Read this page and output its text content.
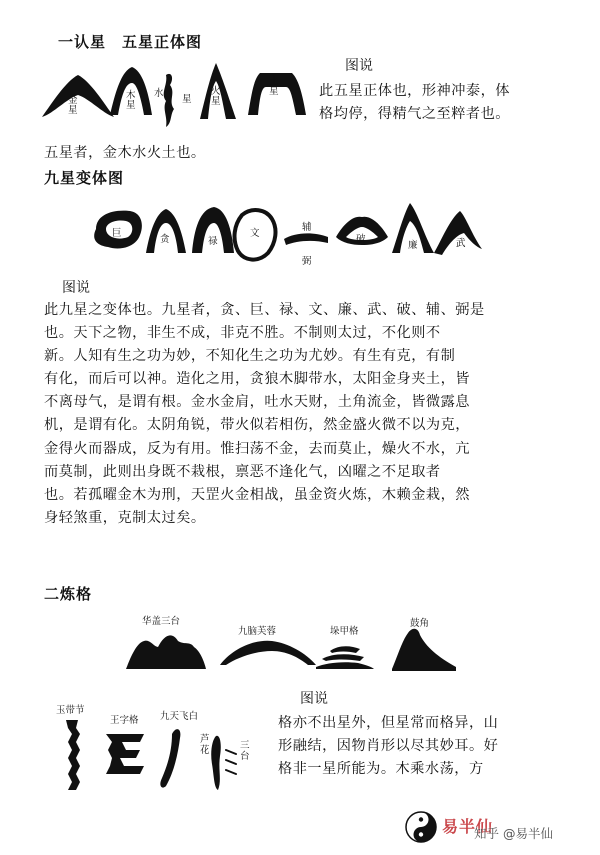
一认星　五星正体图
金星
木星
水
星
火星
土星
图说
此五星正体也，形神冲泰，体
格均停，得精气之至粹者也。
五星者，金木水火土也。
九星变体图
巨
贪	禄
文
辅
弼
破
廉	武
图说
此九星之变体也。九星者，贪、巨、禄、文、廉、武、破、辅、弼是
也。天下之物，非生不成，非克不胜。不制则太过，不化则不
新。人知有生之功为妙，不知化生之功为尤妙。有生有克，有制
有化，而后可以神。造化之用，贪狼木脚带水，太阳金身夹土，皆
不离母气，是谓有根。金水金肩，吐水天财，土角流金，皆微露息
机，是谓有化。太阴角锐，带火似若相伤，然金盛火微不以为克，
金得火而器成，反为有用。惟扫荡不金，去而莫止，燥火不水，亢
而莫制，此则出身既不栽根，禀恶不逢化气，凶曜之不足取者
也。若孤曜金木为刑，天罡火金相战，虽金资火炼，木赖金栽，然
身轻煞重，克制太过矣。
二炼格
华盖三台
九脑芙蓉	垛甲格
鼓角
玉带节
王字格 九天飞白
芦花	三台
图说
格亦不出星外，但星常而格异，山
形融结，因物肖形以尽其妙耳。好
格非一星所能为。木乘水荡，方
易半仙
知乎 @易半仙
